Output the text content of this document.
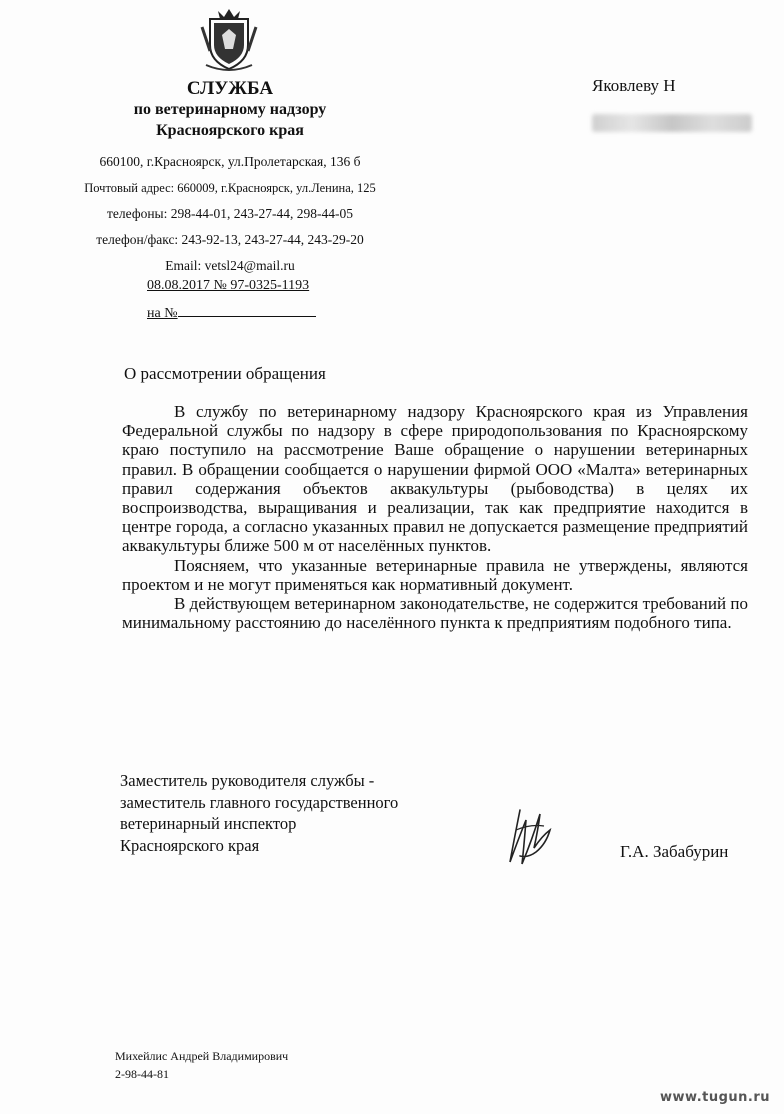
СЛУЖБА
по ветеринарному надзору
Красноярского края
660100, г.Красноярск, ул.Пролетарская, 136 б
Почтовый адрес: 660009, г.Красноярск, ул.Ленина, 125
телефоны: 298-44-01, 243-27-44, 298-44-05
телефон/факс: 243-92-13, 243-27-44, 243-29-20
Email: vetsl24@mail.ru
08.08.2017 № 97-0325-1193
на №
Яковлеву Н
О рассмотрении обращения

В службу по ветеринарному надзору Красноярского края из Управления Федеральной службы по надзору в сфере природопользования по Красноярскому краю поступило на рассмотрение Ваше обращение о нарушении ветеринарных правил. В обращении сообщается о нарушении фирмой ООО «Малта» ветеринарных правил содержания объектов аквакультуры (рыбоводства) в целях их воспроизводства, выращивания и реализации, так как предприятие находится в центре города, а согласно указанных правил не допускается размещение предприятий аквакультуры ближе 500 м от населённых пунктов.

Поясняем, что указанные ветеринарные правила не утверждены, являются проектом и не могут применяться как нормативный документ.

В действующем ветеринарном законодательстве, не содержится требований по минимальному расстоянию до населённого пункта к предприятиям подобного типа.

Заместитель руководителя службы -
заместитель главного государственного
ветеринарный инспектор
Красноярского края	Г.А. Забабурин
Михейлис Андрей Владимирович
2-98-44-81
www.tugun.ru
